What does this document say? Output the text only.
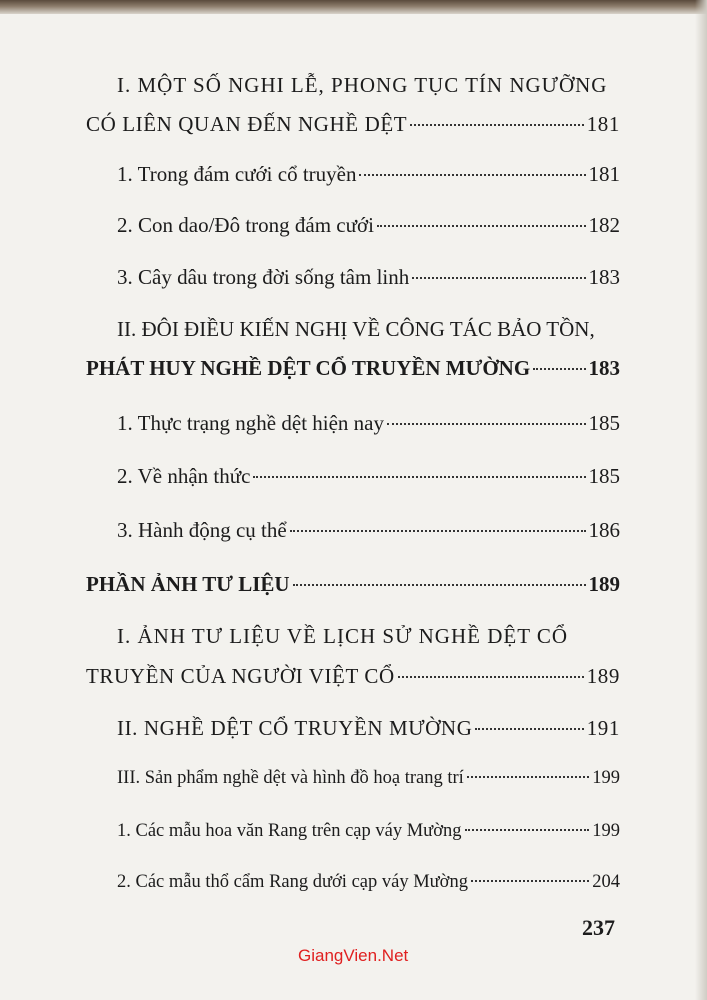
I. MỘT SỐ NGHI LỄ, PHONG TỤC TÍN NGƯỠNG
CÓ LIÊN QUAN ĐẾN NGHỀ DỆT	181
1. Trong đám cưới cổ truyền	181
2. Con dao/Đô trong đám cưới	182
3. Cây dâu trong đời sống tâm linh	183
II. ĐÔI ĐIỀU KIẾN NGHỊ VỀ CÔNG TÁC BẢO TỒN,
PHÁT HUY NGHỀ DỆT CỔ TRUYỀN MƯỜNG	183
1. Thực trạng nghề dệt hiện nay	185
2. Về nhận thức	185
3. Hành động cụ thể	186
PHẦN ẢNH TƯ LIỆU	189
I. ẢNH TƯ LIỆU VỀ LỊCH SỬ NGHỀ DỆT CỔ
TRUYỀN CỦA NGƯỜI VIỆT CỔ	189
II. NGHỀ DỆT CỔ TRUYỀN MƯỜNG	191
III. Sản phẩm nghề dệt và hình đồ hoạ trang trí	199
1. Các mẫu hoa văn Rang trên cạp váy Mường	199
2. Các mẫu thổ cẩm Rang dưới cạp váy Mường	204
237
GiangVien.Net
